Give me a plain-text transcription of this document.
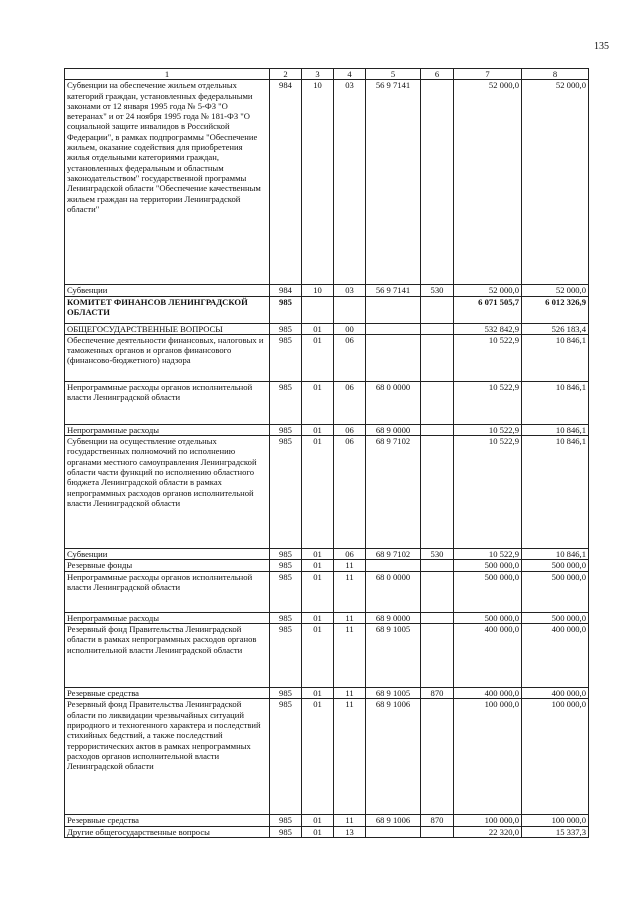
135
1	2	3	4	5	6	7	8
Субвенции на обеспечение жильем отдельных категорий граждан, установленных федеральными законами от 12 января 1995 года № 5-ФЗ "О ветеранах" и от 24 ноября 1995 года № 181-ФЗ "О социальной защите инвалидов в Российской Федерации", в рамках подпрограммы "Обеспечение жильем, оказание содействия для приобретения жилья отдельными категориями граждан, установленных федеральным и областным законодательством" государственной программы Ленинградской области "Обеспечение качественным жильем граждан на территории Ленинградской области"	984	10	03	56 9 7141		52 000,0	52 000,0
Субвенции	984	10	03	56 9 7141	530	52 000,0	52 000,0
КОМИТЕТ ФИНАНСОВ ЛЕНИНГРАДСКОЙ ОБЛАСТИ	985					6 071 505,7	6 012 326,9
ОБЩЕГОСУДАРСТВЕННЫЕ ВОПРОСЫ	985	01	00			532 842,9	526 183,4
Обеспечение деятельности финансовых, налоговых и таможенных органов и органов финансового (финансово-бюджетного) надзора	985	01	06			10 522,9	10 846,1
Непрограммные расходы органов исполнительной власти Ленинградской области	985	01	06	68 0 0000		10 522,9	10 846,1
Непрограммные расходы	985	01	06	68 9 0000		10 522,9	10 846,1
Субвенции на осуществление отдельных государственных полномочий по исполнению органами местного самоуправления Ленинградской области части функций по исполнению областного бюджета Ленинградской области в рамках непрограммных расходов органов исполнительной власти Ленинградской области	985	01	06	68 9 7102		10 522,9	10 846,1
Субвенции	985	01	06	68 9 7102	530	10 522,9	10 846,1
Резервные фонды	985	01	11			500 000,0	500 000,0
Непрограммные расходы органов исполнительной власти Ленинградской области	985	01	11	68 0 0000		500 000,0	500 000,0
Непрограммные расходы	985	01	11	68 9 0000		500 000,0	500 000,0
Резервный фонд Правительства Ленинградской области в рамках непрограммных расходов органов исполнительной власти Ленинградской области	985	01	11	68 9 1005		400 000,0	400 000,0
Резервные средства	985	01	11	68 9 1005	870	400 000,0	400 000,0
Резервный фонд Правительства Ленинградской области по ликвидации чрезвычайных ситуаций природного и техногенного характера и последствий стихийных бедствий, а также последствий террористических актов в рамках непрограммных расходов органов исполнительной власти Ленинградской области	985	01	11	68 9 1006		100 000,0	100 000,0
Резервные средства	985	01	11	68 9 1006	870	100 000,0	100 000,0
Другие общегосударственные вопросы	985	01	13			22 320,0	15 337,3
